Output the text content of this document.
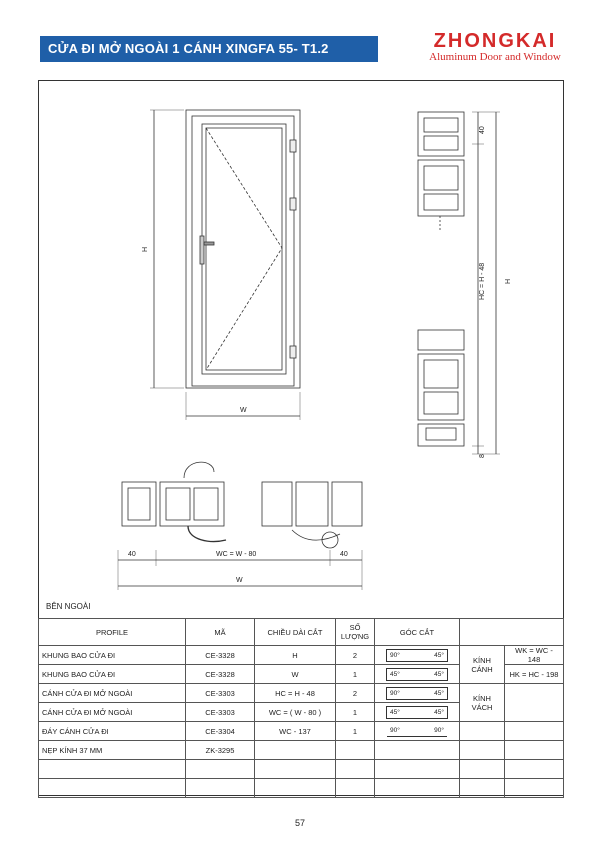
CỬA ĐI MỞ NGOÀI 1 CÁNH XINGFA 55- T1.2	ZHONGKAI
Aluminum Door and Window
H
W
40
HC = H - 48	H
8
40	WC = W - 80	40
W
BÊN NGOÀI
PROFILE	MÃ	CHIỀU DÀI CẮT	SỐ LƯỢNG	GÓC CẮT		
KHUNG BAO CỬA ĐI	CE-3328	H	2	90° 45°	KÍNH CÁNH	WK = WC - 148
KHUNG BAO CỬA ĐI	CE-3328	W	1	45° 45°		HK = HC - 198
CÁNH CỬA ĐI MỞ NGOÀI	CE-3303	HC = H - 48	2	90° 45°	KÍNH VÁCH	
CÁNH CỬA ĐI MỞ NGOÀI	CE-3303	WC = ( W - 80 )	1	45° 45°		

ĐÁY CÁNH CỬA ĐI	CE-3304	WC - 137	1	90° 90°		

NẸP KÍNH 37 MM	ZK-3295					

57
